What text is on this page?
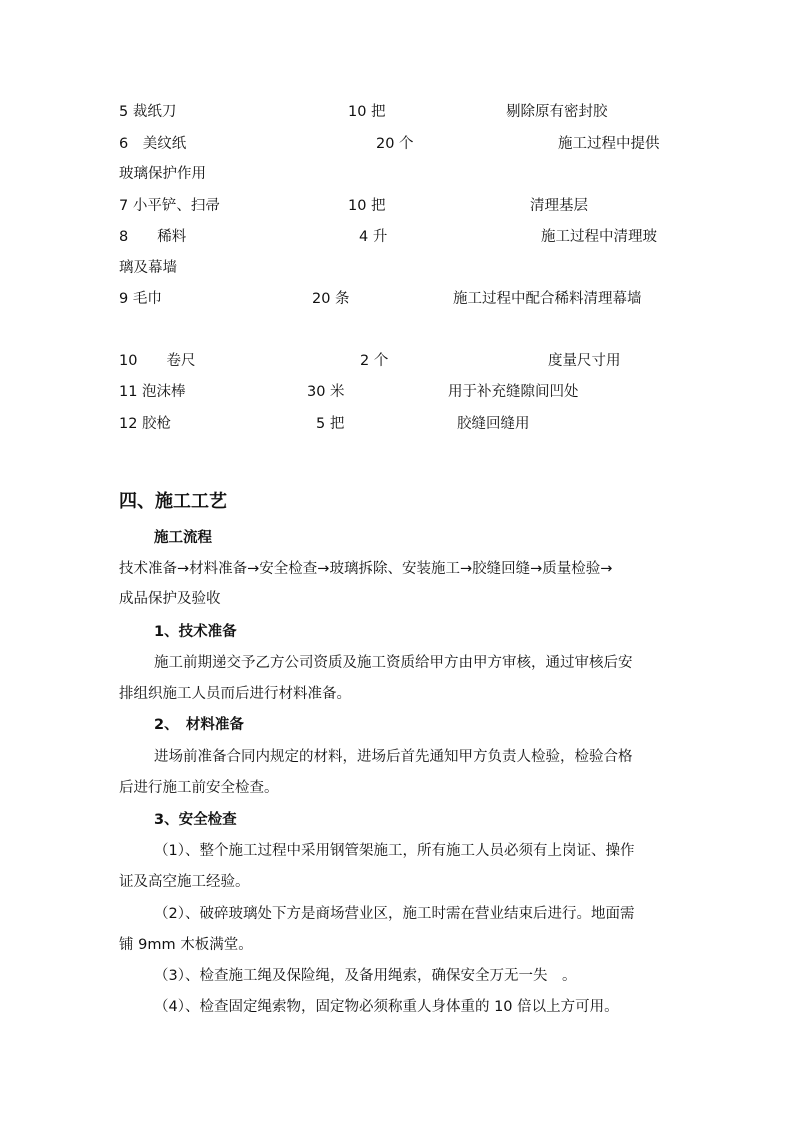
5 裁纸刀	10 把	剔除原有密封胶
6　美纹纸	20 个	施工过程中提供
玻璃保护作用
7 小平铲、扫帚	10 把	清理基层
8　　稀料	4 升	施工过程中清理玻
璃及幕墙
9 毛巾	20 条	施工过程中配合稀料清理幕墙
10　　卷尺	2 个	度量尺寸用
11 泡沫棒	30 米	用于补充缝隙间凹处
12 胶枪	5 把	胶缝回缝用
四、施工工艺
施工流程
技术准备→材料准备→安全检查→玻璃拆除、安装施工→胶缝回缝→质量检验→
成品保护及验收
1、技术准备
施工前期递交予乙方公司资质及施工资质给甲方由甲方审核，通过审核后安
排组织施工人员而后进行材料准备。
2、　材料准备
进场前准备合同内规定的材料，进场后首先通知甲方负责人检验，检验合格
后进行施工前安全检查。
3、安全检查
（1）、整个施工过程中采用钢管架施工，所有施工人员必须有上岗证、操作
证及高空施工经验。
（2）、破碎玻璃处下方是商场营业区，施工时需在营业结束后进行。地面需
铺 9mm 木板满堂。
（3）、检查施工绳及保险绳，及备用绳索，确保安全万无一失　。
（4）、检查固定绳索物，固定物必须称重人身体重的 10 倍以上方可用。
